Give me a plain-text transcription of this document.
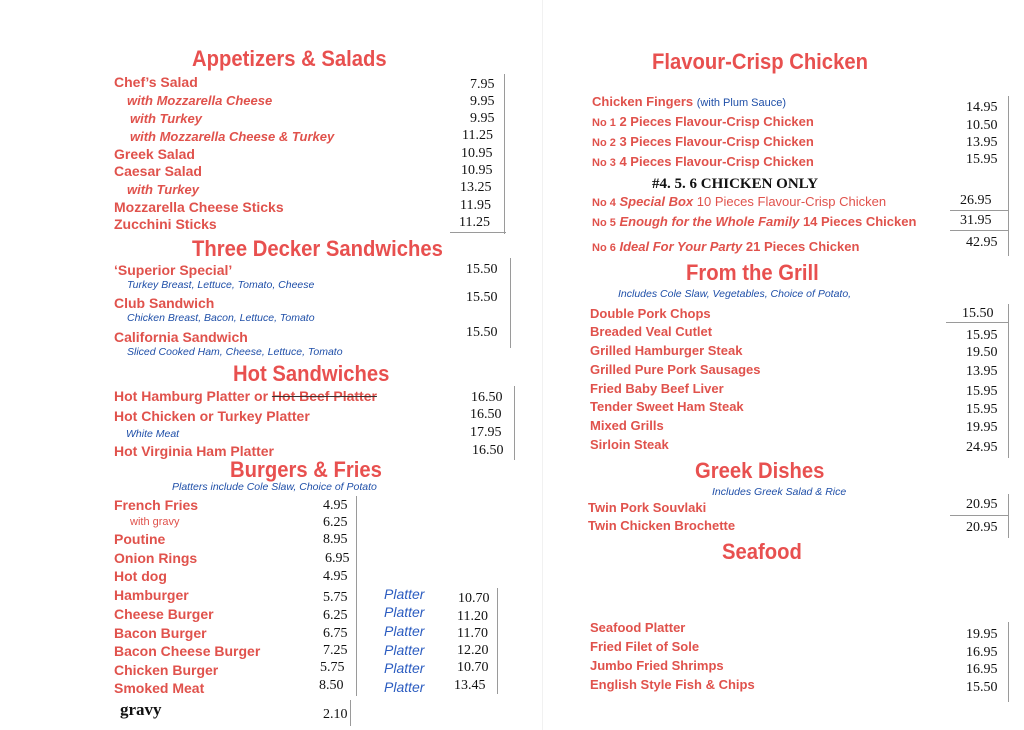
Appetizers & Salads
Chef’s Salad
with Mozzarella Cheese
with Turkey
with Mozzarella Cheese & Turkey
Greek Salad
Caesar Salad
with Turkey
Mozzarella Cheese Sticks
Zucchini Sticks
7.95
9.95
9.95
11.25
10.95
10.95
13.25
11.95
11.25
Three Decker Sandwiches
‘Superior Special’
Turkey Breast, Lettuce, Tomato, Cheese
Club Sandwich
Chicken Breast, Bacon, Lettuce, Tomato
California Sandwich
Sliced Cooked Ham, Cheese, Lettuce, Tomato
15.50
15.50
15.50
Hot Sandwiches
Hot Hamburg Platter or Hot Beef Platter
Hot Chicken or Turkey Platter
White Meat
Hot Virginia Ham Platter
16.50
16.50
17.95
16.50
Burgers & Fries
Platters include Cole Slaw, Choice of Potato
French Fries
with gravy
Poutine
Onion Rings
Hot dog
Hamburger
Cheese Burger
Bacon Burger
Bacon Cheese Burger
Chicken Burger
Smoked Meat
gravy
4.95
6.25
8.95
6.95
4.95
5.75
6.25
6.75
7.25
5.75
8.50
2.10
Platter
Platter
Platter
Platter
Platter
Platter
10.70
11.20
11.70
12.20
10.70
13.45
Flavour-Crisp Chicken
Chicken Fingers (with Plum Sauce)
No 1 2 Pieces Flavour-Crisp Chicken
No 2 3 Pieces Flavour-Crisp Chicken
No 3 4 Pieces Flavour-Crisp Chicken
#4. 5. 6 CHICKEN ONLY
No 4 Special Box 10 Pieces Flavour-Crisp Chicken
No 5 Enough for the Whole Family 14 Pieces Chicken
No 6 Ideal For Your Party 21 Pieces Chicken
14.95
10.50
13.95
15.95
26.95
31.95
42.95
From the Grill
Includes Cole Slaw, Vegetables, Choice of Potato,
Double Pork Chops
Breaded Veal Cutlet
Grilled Hamburger Steak
Grilled Pure Pork Sausages
Fried Baby Beef Liver
Tender Sweet Ham Steak
Mixed Grills
Sirloin Steak
15.50
15.95
19.50
13.95
15.95
15.95
19.95
24.95
Greek Dishes
Includes Greek Salad & Rice
Twin Pork Souvlaki
Twin Chicken Brochette
20.95
20.95
Seafood
Seafood Platter
Fried Filet of Sole
Jumbo Fried Shrimps
English Style Fish & Chips
19.95
16.95
16.95
15.50
